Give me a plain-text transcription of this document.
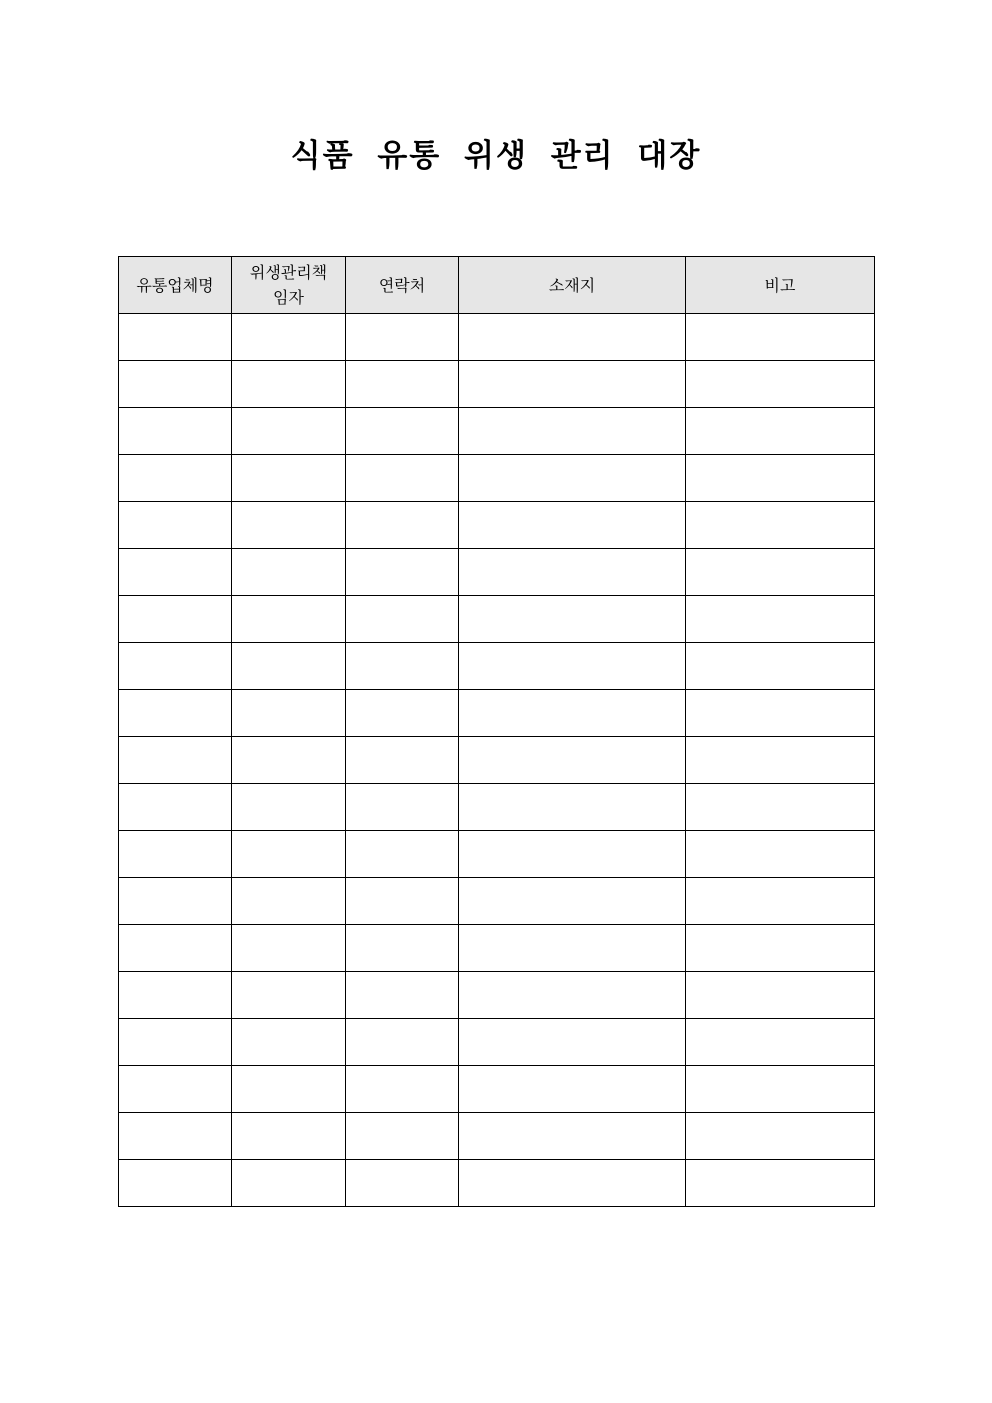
식품 유통 위생 관리 대장
유통업체명	위생관리책임자	연락처	소재지	비고
